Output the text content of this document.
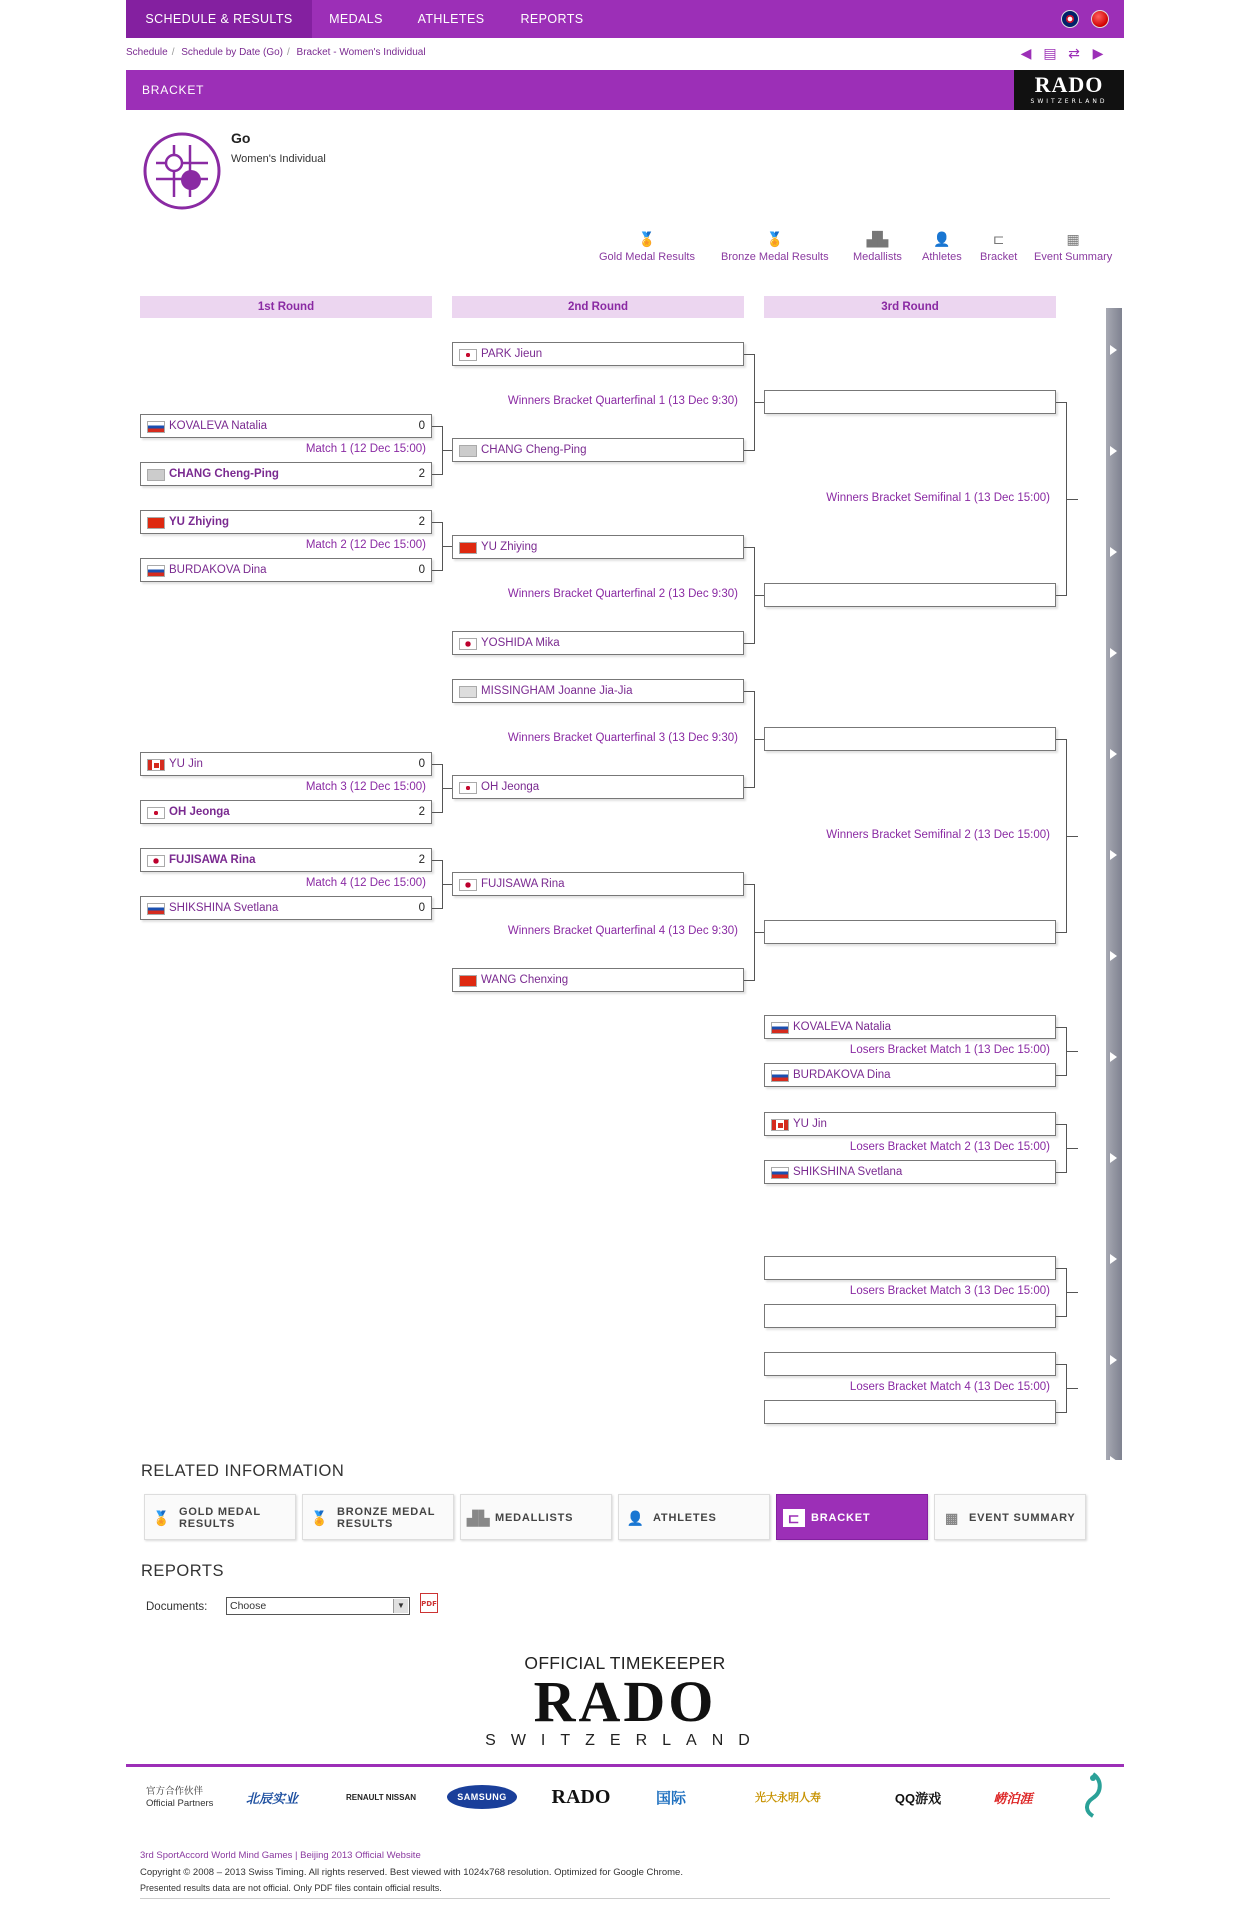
SCHEDULE & RESULTS	MEDALS	ATHLETES	REPORTS
Schedule / Schedule by Date (Go) / Bracket - Women's Individual	◀ ▤ ⇄ ▶
BRACKET	RADO
SWITZERLAND
Go
Women's Individual
🏅
Gold Medal Results
🏅
Bronze Medal Results
▟▙
Medallists
👤
Athletes
⊏
Bracket
▦
Event Summary
1st Round	2nd Round	3rd Round
KOVALEVA Natalia	0
CHANG Cheng-Ping	2
Match 1 (12 Dec 15:00)
YU Zhiying	2
BURDAKOVA Dina	0
Match 2 (12 Dec 15:00)
YU Jin	0
OH Jeonga	2
Match 3 (12 Dec 15:00)
FUJISAWA Rina	2
SHIKSHINA Svetlana	0
Match 4 (12 Dec 15:00)
PARK Jieun
CHANG Cheng-Ping
Winners Bracket Quarterfinal 1 (13 Dec 9:30)
YU Zhiying
YOSHIDA Mika
Winners Bracket Quarterfinal 2 (13 Dec 9:30)
MISSINGHAM Joanne Jia-Jia
OH Jeonga
Winners Bracket Quarterfinal 3 (13 Dec 9:30)
FUJISAWA Rina
WANG Chenxing
Winners Bracket Quarterfinal 4 (13 Dec 9:30)
Winners Bracket Semifinal 1 (13 Dec 15:00)
Winners Bracket Semifinal 2 (13 Dec 15:00)
KOVALEVA Natalia
BURDAKOVA Dina
Losers Bracket Match 1 (13 Dec 15:00)
YU Jin
SHIKSHINA Svetlana
Losers Bracket Match 2 (13 Dec 15:00)
Losers Bracket Match 3 (13 Dec 15:00)
Losers Bracket Match 4 (13 Dec 15:00)
RELATED INFORMATION
🏅 GOLD MEDAL
RESULTS	🏅 BRONZE MEDAL
RESULTS	▟▙ MEDALLISTS	👤 ATHLETES	⊏ BRACKET	▦ EVENT SUMMARY
REPORTS
Documents:	Choose	▼	PDF
OFFICIAL TIMEKEEPER
RADO
SWITZERLAND
官方合作伙伴
Official Partners	北辰实业	RENAULT NISSAN	SAMSUNG	RADO	国际	光大永明人寿	QQ游戏	崂泊涯
3rd SportAccord World Mind Games | Beijing 2013 Official Website
Copyright © 2008 – 2013 Swiss Timing. All rights reserved. Best viewed with 1024x768 resolution. Optimized for Google Chrome.
Presented results data are not official. Only PDF files contain official results.
